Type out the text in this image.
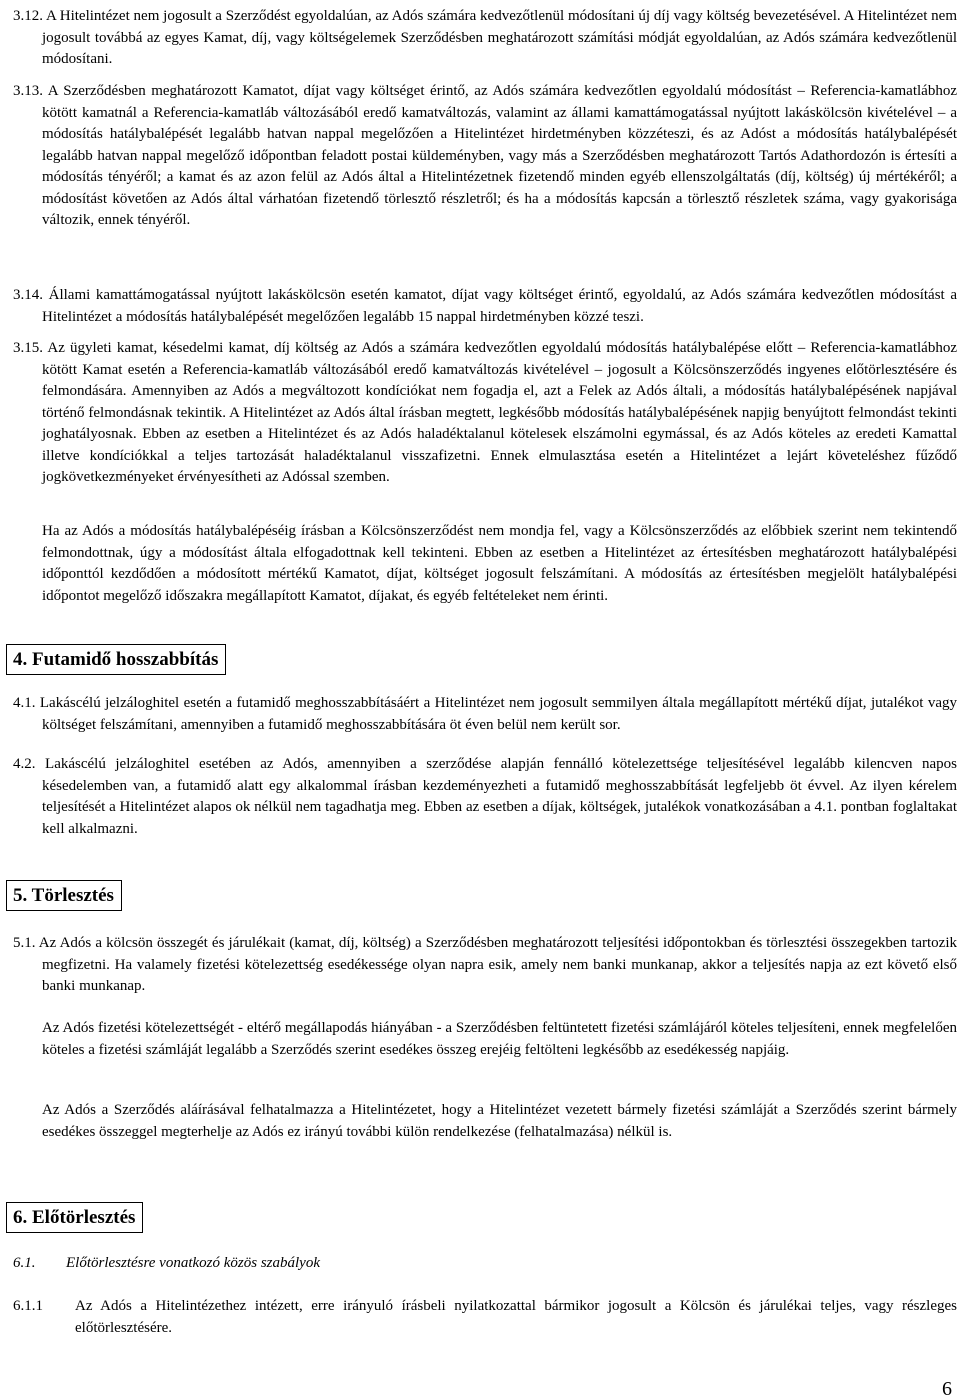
3.12. A Hitelintézet nem jogosult a Szerződést egyoldalúan, az Adós számára kedvezőtlenül módosítani új díj vagy költség bevezetésével. A Hitelintézet nem jogosult továbbá az egyes Kamat, díj, vagy költségelemek Szerződésben meghatározott számítási módját egyoldalúan, az Adós számára kedvezőtlenül módosítani.
3.13. A Szerződésben meghatározott Kamatot, díjat vagy költséget érintő, az Adós számára kedvezőtlen egyoldalú módosítást – Referencia-kamatlábhoz kötött kamatnál a Referencia-kamatláb változásából eredő kamatváltozás, valamint az állami kamattámogatással nyújtott lakáskölcsön kivételével – a módosítás hatálybalépését legalább hatvan nappal megelőzően a Hitelintézet hirdetményben közzéteszi, és az Adóst a módosítás hatálybalépését legalább hatvan nappal megelőző időpontban feladott postai küldeményben, vagy más a Szerződésben meghatározott Tartós Adathordozón is értesíti a módosítás tényéről; a kamat és az azon felül az Adós által a Hitelintézetnek fizetendő minden egyéb ellenszolgáltatás (díj, költség) új mértékéről; a módosítást követően az Adós által várhatóan fizetendő törlesztő részletről; és ha a módosítás kapcsán a törlesztő részletek száma, vagy gyakorisága változik, ennek tényéről.
3.14. Állami kamattámogatással nyújtott lakáskölcsön esetén kamatot, díjat vagy költséget érintő, egyoldalú, az Adós számára kedvezőtlen módosítást a Hitelintézet a módosítás hatálybalépését megelőzően legalább 15 nappal hirdetményben közzé teszi.
3.15. Az ügyleti kamat, késedelmi kamat, díj költség az Adós a számára kedvezőtlen egyoldalú módosítás hatálybalépése előtt – Referencia-kamatlábhoz kötött Kamat esetén a Referencia-kamatláb változásából eredő kamatváltozás kivételével – jogosult a Kölcsönszerződés ingyenes előtörlesztésére és felmondására. Amennyiben az Adós a megváltozott kondíciókat nem fogadja el, azt a Felek az Adós általi, a módosítás hatálybalépésének napjával történő felmondásnak tekintik. A Hitelintézet az Adós által írásban megtett, legkésőbb módosítás hatálybalépésének napjig benyújtott felmondást tekinti joghatályosnak. Ebben az esetben a Hitelintézet és az Adós haladéktalanul kötelesek elszámolni egymással, és az Adós köteles az eredeti Kamattal illetve kondíciókkal a teljes tartozását haladéktalanul visszafizetni. Ennek elmulasztása esetén a Hitelintézet a lejárt követeléshez fűződő jogkövetkezményeket érvényesítheti az Adóssal szemben.
Ha az Adós a módosítás hatálybalépéséig írásban a Kölcsönszerződést nem mondja fel, vagy a Kölcsönszerződés az előbbiek szerint nem tekintendő felmondottnak, úgy a módosítást általa elfogadottnak kell tekinteni. Ebben az esetben a Hitelintézet az értesítésben meghatározott hatálybalépési időponttól kezdődően a módosított mértékű Kamatot, díjat, költséget jogosult felszámítani. A módosítás az értesítésben megjelölt hatálybalépési időpontot megelőző időszakra megállapított Kamatot, díjakat, és egyéb feltételeket nem érinti.
4. Futamidő hosszabbítás
4.1. Lakáscélú jelzáloghitel esetén a futamidő meghosszabbításáért a Hitelintézet nem jogosult semmilyen általa megállapított mértékű díjat, jutalékot vagy költséget felszámítani, amennyiben a futamidő meghosszabbítására öt éven belül nem került sor.
4.2. Lakáscélú jelzáloghitel esetében az Adós, amennyiben a szerződése alapján fennálló kötelezettsége teljesítésével legalább kilencven napos késedelemben van, a futamidő alatt egy alkalommal írásban kezdeményezheti a futamidő meghosszabbítását legfeljebb öt évvel. Az ilyen kérelem teljesítését a Hitelintézet alapos ok nélkül nem tagadhatja meg. Ebben az esetben a díjak, költségek, jutalékok vonatkozásában a 4.1. pontban foglaltakat kell alkalmazni.
5. Törlesztés
5.1. Az Adós a kölcsön összegét és járulékait (kamat, díj, költség) a Szerződésben meghatározott teljesítési időpontokban és törlesztési összegekben tartozik megfizetni. Ha valamely fizetési kötelezettség esedékessége olyan napra esik, amely nem banki munkanap, akkor a teljesítés napja az ezt követő első banki munkanap.
Az Adós fizetési kötelezettségét - eltérő megállapodás hiányában - a Szerződésben feltüntetett fizetési számlájáról köteles teljesíteni, ennek megfelelően köteles a fizetési számláját legalább a Szerződés szerint esedékes összeg erejéig feltölteni legkésőbb az esedékesség napjáig.
Az Adós a Szerződés aláírásával felhatalmazza a Hitelintézetet, hogy a Hitelintézet vezetett bármely fizetési számláját a Szerződés szerint bármely esedékes összeggel megterhelje az Adós ez irányú további külön rendelkezése (felhatalmazása) nélkül is.
6. Előtörlesztés
6.1. Előtörlesztésre vonatkozó közös szabályok
6.1.1 Az Adós a Hitelintézethez intézett, erre irányuló írásbeli nyilatkozattal bármikor jogosult a Kölcsön és járulékai teljes, vagy részleges előtörlesztésére.
6
